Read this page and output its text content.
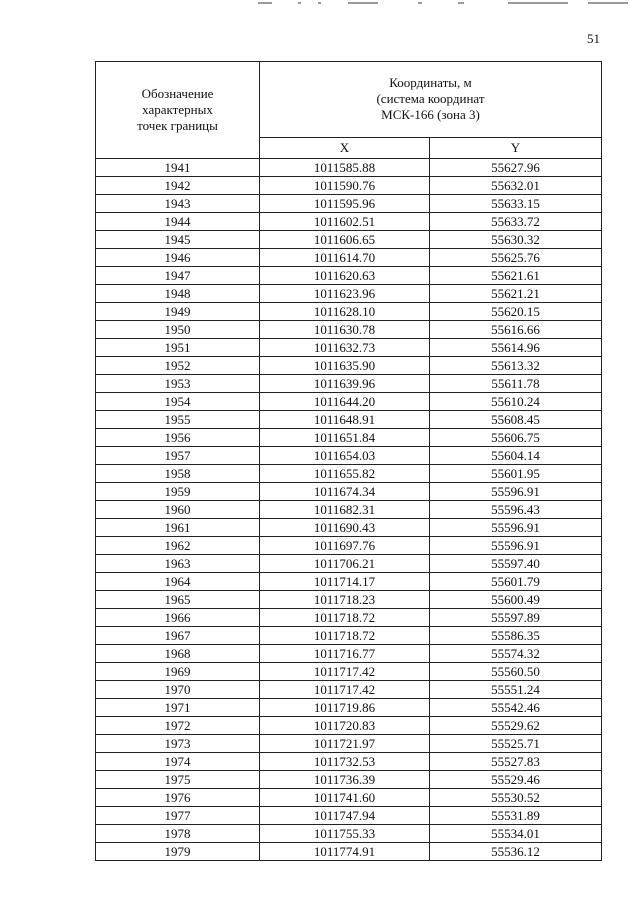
51
Обозначение
характерных
точек границы	Координаты, м
(система координат
МСК-166 (зона 3)	

	X	Y
1941	1011585.88	55627.96
1942	1011590.76	55632.01
1943	1011595.96	55633.15
1944	1011602.51	55633.72
1945	1011606.65	55630.32
1946	1011614.70	55625.76
1947	1011620.63	55621.61
1948	1011623.96	55621.21
1949	1011628.10	55620.15
1950	1011630.78	55616.66
1951	1011632.73	55614.96
1952	1011635.90	55613.32
1953	1011639.96	55611.78
1954	1011644.20	55610.24
1955	1011648.91	55608.45
1956	1011651.84	55606.75
1957	1011654.03	55604.14
1958	1011655.82	55601.95
1959	1011674.34	55596.91
1960	1011682.31	55596.43
1961	1011690.43	55596.91
1962	1011697.76	55596.91
1963	1011706.21	55597.40
1964	1011714.17	55601.79
1965	1011718.23	55600.49
1966	1011718.72	55597.89
1967	1011718.72	55586.35
1968	1011716.77	55574.32
1969	1011717.42	55560.50
1970	1011717.42	55551.24
1971	1011719.86	55542.46
1972	1011720.83	55529.62
1973	1011721.97	55525.71
1974	1011732.53	55527.83
1975	1011736.39	55529.46
1976	1011741.60	55530.52
1977	1011747.94	55531.89
1978	1011755.33	55534.01
1979	1011774.91	55536.12
